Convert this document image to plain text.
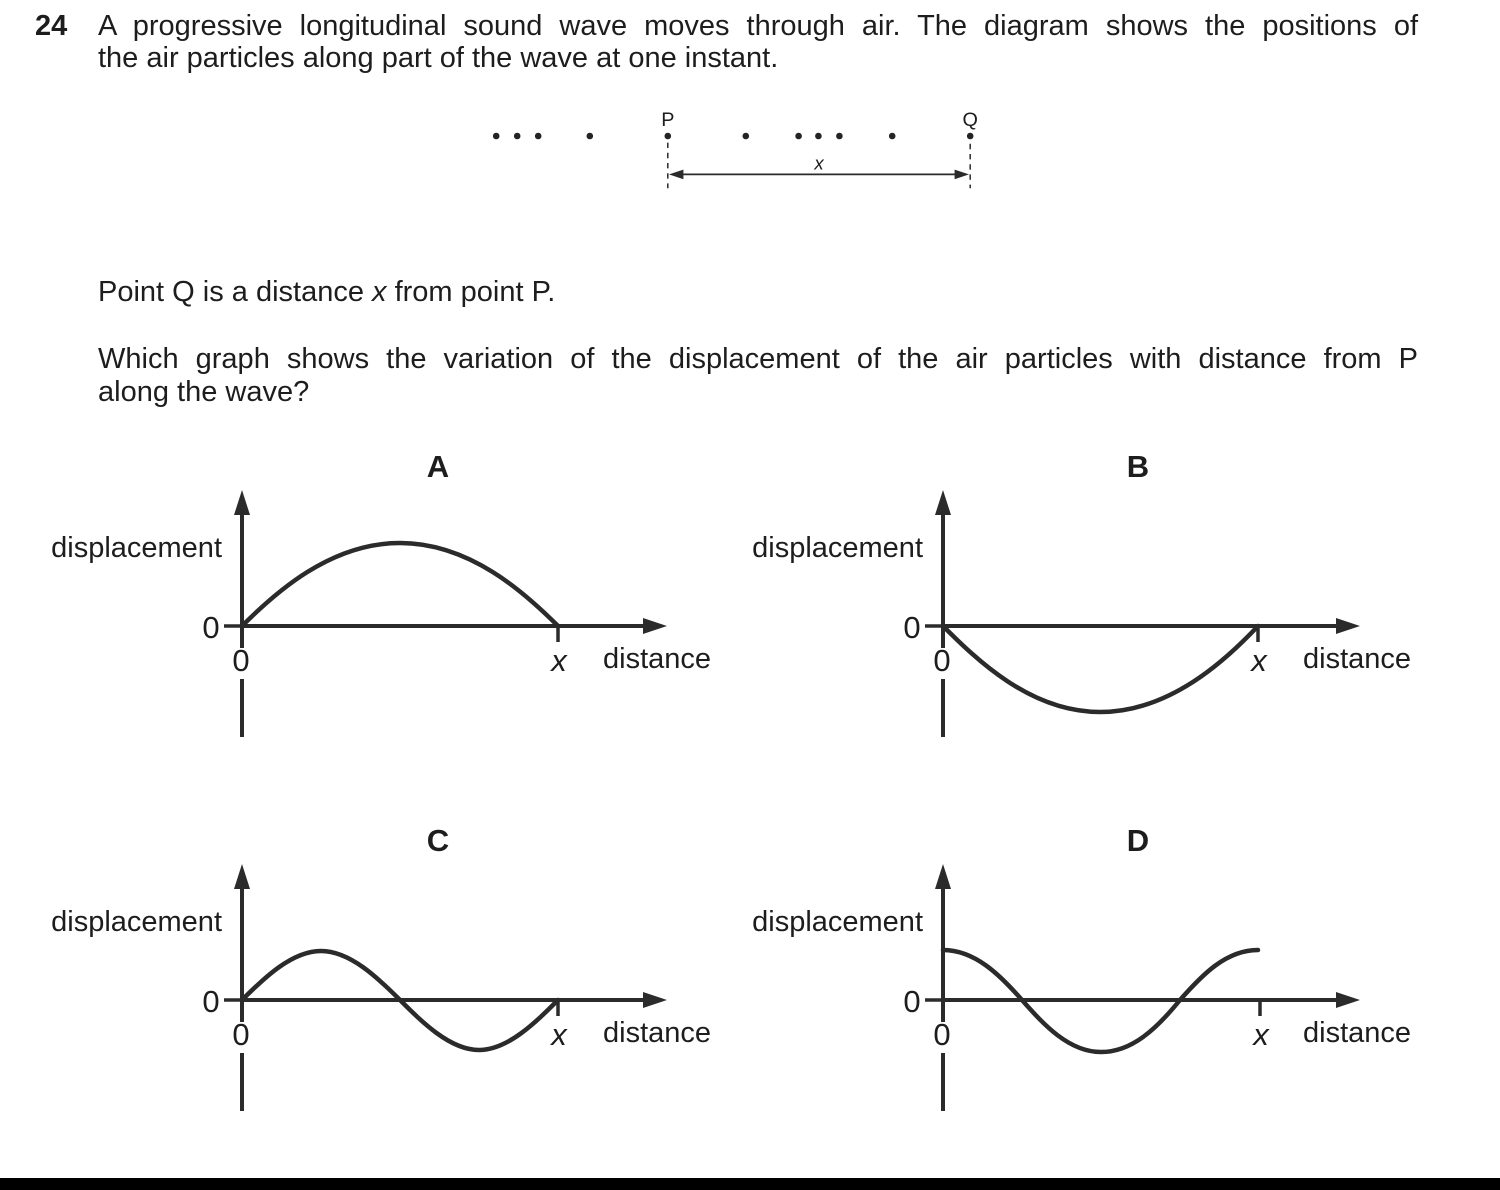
24 A progressive longitudinal sound wave moves through air. The diagram shows the positions of
the air particles along part of the wave at one instant.
P	Q
x
Point Q is a distance x from point P.
Which graph shows the variation of the displacement of the air particles with distance from P
along the wave?
A
displacement
0
0	x distance
B
displacement
0
0	x distance
C
displacement
0
0	x distance
D
displacement
0
0	x distance
